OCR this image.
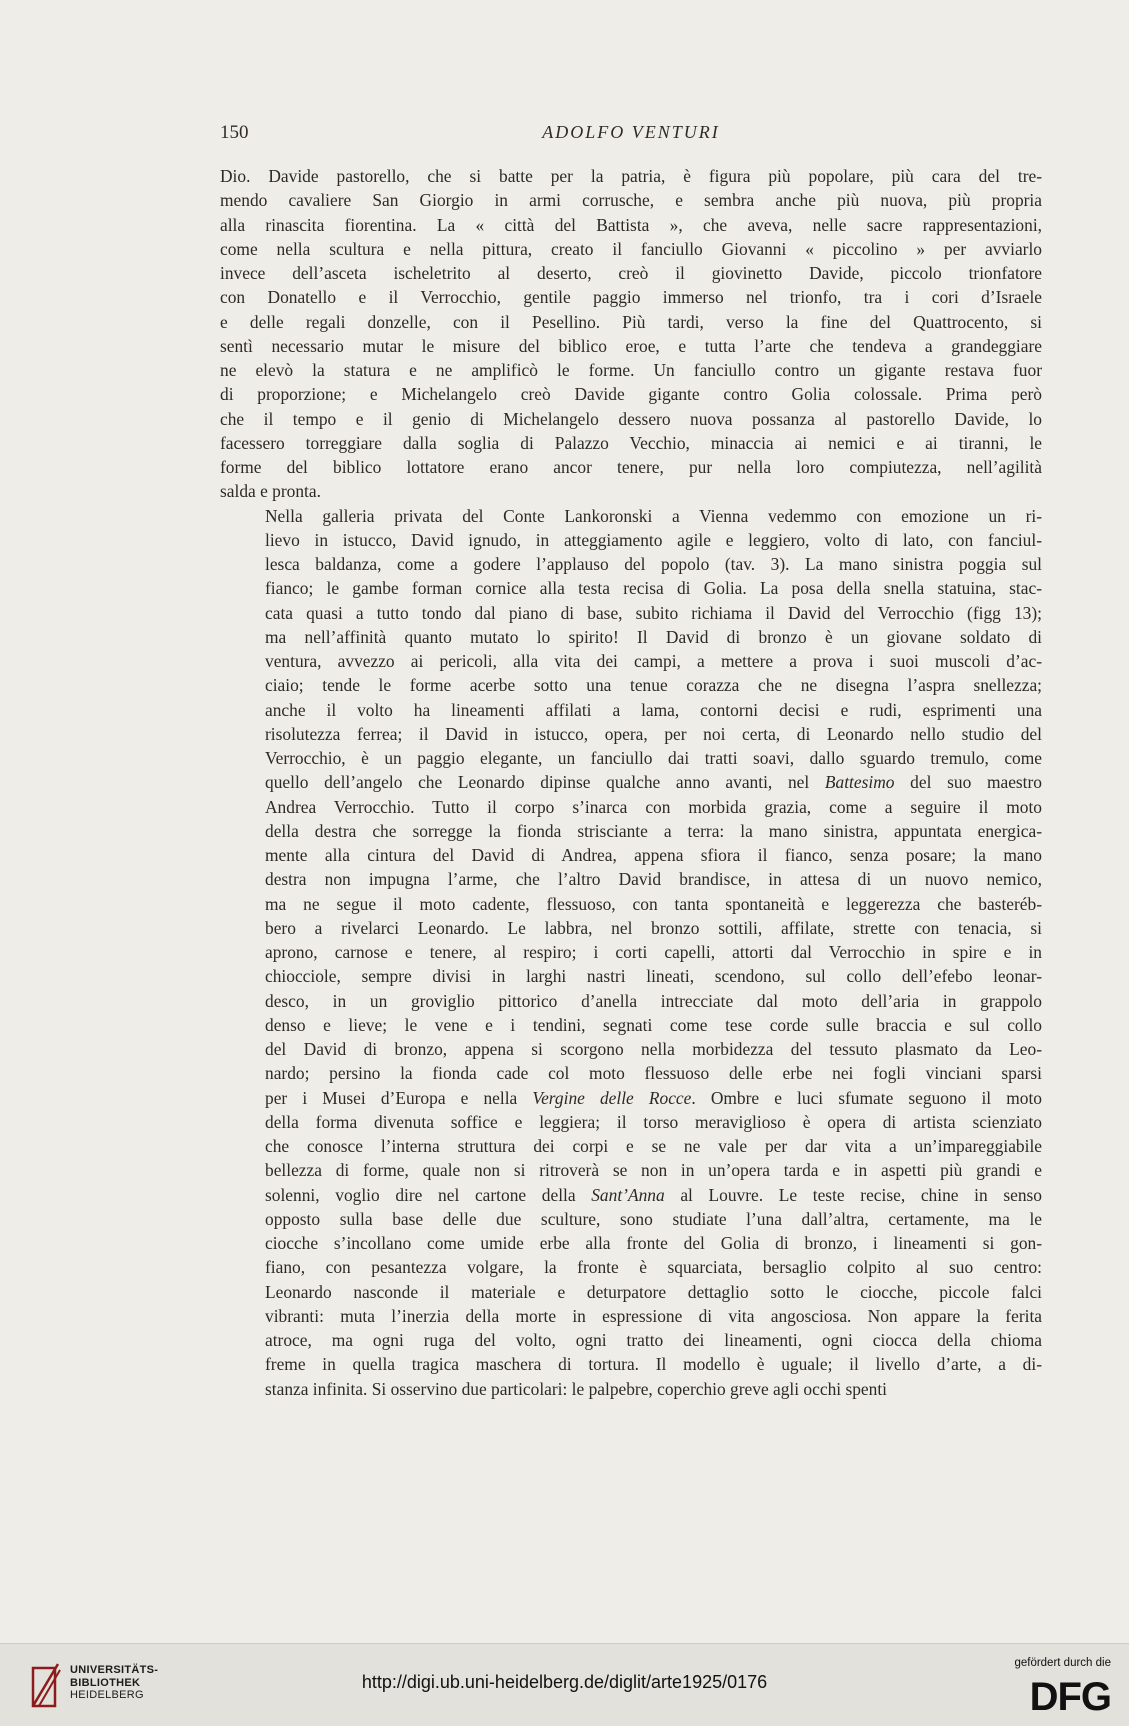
150	ADOLFO VENTURI

Dio. Davide pastorello, che si batte per la patria, è figura più popolare, più cara del tre-
mendo cavaliere San Giorgio in armi corrusche, e sembra anche più nuova, più propria
alla rinascita fiorentina. La « città del Battista », che aveva, nelle sacre rappresentazioni,
come nella scultura e nella pittura, creato il fanciullo Giovanni « piccolino » per avviarlo
invece dell’asceta ischeletrito al deserto, creò il giovinetto Davide, piccolo trionfatore
con Donatello e il Verrocchio, gentile paggio immerso nel trionfo, tra i cori d’Israele
e delle regali donzelle, con il Pesellino. Più tardi, verso la fine del Quattrocento, si
sentì necessario mutar le misure del biblico eroe, e tutta l’arte che tendeva a grandeggiare
ne elevò la statura e ne amplificò le forme. Un fanciullo contro un gigante restava fuor
di proporzione; e Michelangelo creò Davide gigante contro Golia colossale. Prima però
che il tempo e il genio di Michelangelo dessero nuova possanza al pastorello Davide, lo
facessero torreggiare dalla soglia di Palazzo Vecchio, minaccia ai nemici e ai tiranni, le
forme del biblico lottatore erano ancor tenere, pur nella loro compiutezza, nell’agilità
salda e pronta.

Nella galleria privata del Conte Lankoronski a Vienna vedemmo con emozione un ri-
lievo in istucco, David ignudo, in atteggiamento agile e leggiero, volto di lato, con fanciul-
lesca baldanza, come a godere l’applauso del popolo (tav. 3). La mano sinistra poggia sul
fianco; le gambe forman cornice alla testa recisa di Golia. La posa della snella statuina, stac-
cata quasi a tutto tondo dal piano di base, subito richiama il David del Verrocchio (figg 13);
ma nell’affinità quanto mutato lo spirito! Il David di bronzo è un giovane soldato di
ventura, avvezzo ai pericoli, alla vita dei campi, a mettere a prova i suoi muscoli d’ac-
ciaio; tende le forme acerbe sotto una tenue corazza che ne disegna l’aspra snellezza;
anche il volto ha lineamenti affilati a lama, contorni decisi e rudi, esprimenti una
risolutezza ferrea; il David in istucco, opera, per noi certa, di Leonardo nello studio del
Verrocchio, è un paggio elegante, un fanciullo dai tratti soavi, dallo sguardo tremulo, come
quello dell’angelo che Leonardo dipinse qualche anno avanti, nel Battesimo del suo maestro
Andrea Verrocchio. Tutto il corpo s’inarca con morbida grazia, come a seguire il moto
della destra che sorregge la fionda strisciante a terra: la mano sinistra, appuntata energica-
mente alla cintura del David di Andrea, appena sfiora il fianco, senza posare; la mano
destra non impugna l’arme, che l’altro David brandisce, in attesa di un nuovo nemico,
ma ne segue il moto cadente, flessuoso, con tanta spontaneità e leggerezza che basteréb-
bero a rivelarci Leonardo. Le labbra, nel bronzo sottili, affilate, strette con tenacia, si
aprono, carnose e tenere, al respiro; i corti capelli, attorti dal Verrocchio in spire e in
chiocciole, sempre divisi in larghi nastri lineati, scendono, sul collo dell’efebo leonar-
desco, in un groviglio pittorico d’anella intrecciate dal moto dell’aria in grappolo
denso e lieve; le vene e i tendini, segnati come tese corde sulle braccia e sul collo
del David di bronzo, appena si scorgono nella morbidezza del tessuto plasmato da Leo-
nardo; persino la fionda cade col moto flessuoso delle erbe nei fogli vinciani sparsi
per i Musei d’Europa e nella Vergine delle Rocce. Ombre e luci sfumate seguono il moto
della forma divenuta soffice e leggiera; il torso meraviglioso è opera di artista scienziato
che conosce l’interna struttura dei corpi e se ne vale per dar vita a un’impareggiabile
bellezza di forme, quale non si ritroverà se non in un’opera tarda e in aspetti più grandi e
solenni, voglio dire nel cartone della Sant’Anna al Louvre. Le teste recise, chine in senso
opposto sulla base delle due sculture, sono studiate l’una dall’altra, certamente, ma le
ciocche s’incollano come umide erbe alla fronte del Golia di bronzo, i lineamenti si gon-
fiano, con pesantezza volgare, la fronte è squarciata, bersaglio colpito al suo centro:
Leonardo nasconde il materiale e deturpatore dettaglio sotto le ciocche, piccole falci
vibranti: muta l’inerzia della morte in espressione di vita angosciosa. Non appare la ferita
atroce, ma ogni ruga del volto, ogni tratto dei lineamenti, ogni ciocca della chioma
freme in quella tragica maschera di tortura. Il modello è uguale; il livello d’arte, a di-
stanza infinita. Si osservino due particolari: le palpebre, coperchio greve agli occhi spenti

UNIVERSITÄTS-
BIBLIOTHEK
HEIDELBERG
http://digi.ub.uni-heidelberg.de/diglit/arte1925/0176
gefördert durch die
DFG
